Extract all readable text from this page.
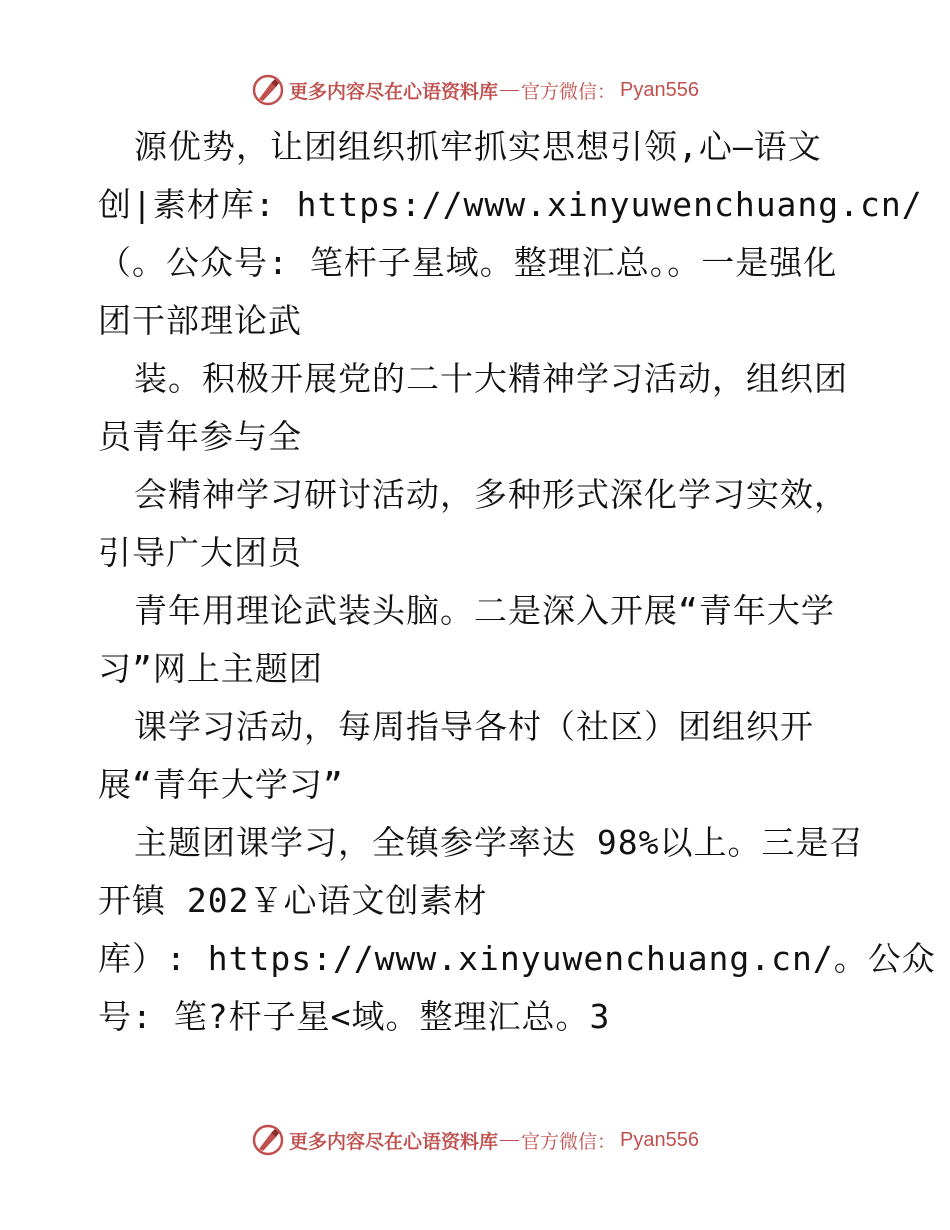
更多内容尽在心语资料库 — 官方微信： Pyan556
源优势，让团组织抓牢抓实思想引领,心—语文
创|素材库: https://www.xinyuwenchuang.cn/
（。公众号: 笔杆子星域。整理汇总。。一是强化
团干部理论武
装。积极开展党的二十大精神学习活动，组织团
员青年参与全
会精神学习研讨活动，多种形式深化学习实效，
引导广大团员
青年用理论武装头脑。二是深入开展“青年大学
习”网上主题团
课学习活动，每周指导各村（社区）团组织开
展“青年大学习”
主题团课学习，全镇参学率达 98%以上。三是召
开镇 202￥心语文创素材
库）: https://www.xinyuwenchuang.cn/。公众
号: 笔?杆子星<域。整理汇总。3
更多内容尽在心语资料库 — 官方微信： Pyan556
